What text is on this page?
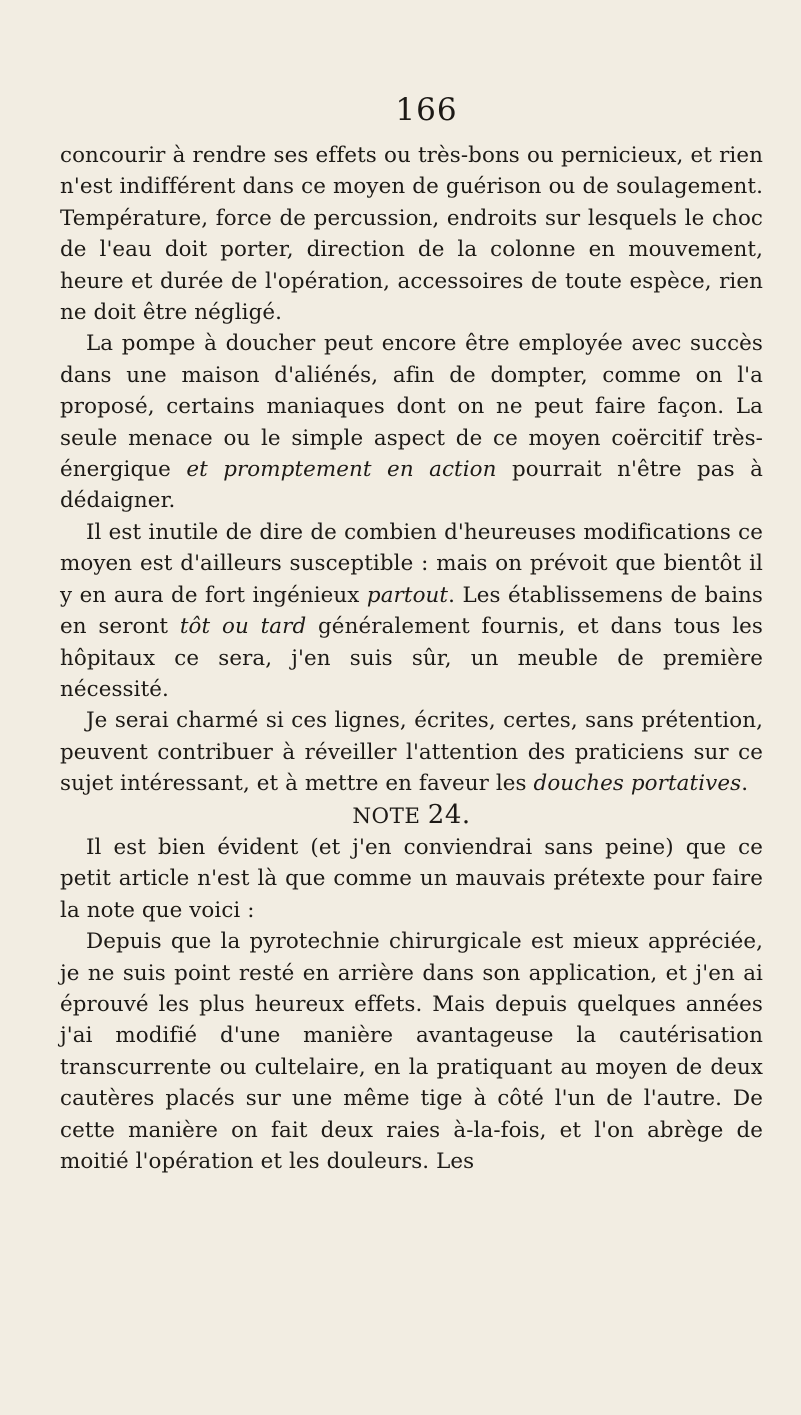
166

concourir à rendre ses effets ou très-bons ou pernicieux, et rien n'est indifférent dans ce moyen de guérison ou de soulagement. Température, force de percussion, endroits sur lesquels le choc de l'eau doit porter, direction de la colonne en mouvement, heure et durée de l'opération, accessoires de toute espèce, rien ne doit être négligé.

La pompe à doucher peut encore être employée avec succès dans une maison d'aliénés, afin de dompter, comme on l'a proposé, certains maniaques dont on ne peut faire façon. La seule menace ou le simple aspect de ce moyen coërcitif très-énergique et promptement en action pourrait n'être pas à dédaigner.

Il est inutile de dire de combien d'heureuses modifications ce moyen est d'ailleurs susceptible : mais on prévoit que bientôt il y en aura de fort ingénieux partout. Les établissemens de bains en seront tôt ou tard généralement fournis, et dans tous les hôpitaux ce sera, j'en suis sûr, un meuble de première nécessité.

Je serai charmé si ces lignes, écrites, certes, sans prétention, peuvent contribuer à réveiller l'attention des praticiens sur ce sujet intéressant, et à mettre en faveur les douches portatives.

NOTE 24.

Il est bien évident (et j'en conviendrai sans peine) que ce petit article n'est là que comme un mauvais prétexte pour faire la note que voici :

Depuis que la pyrotechnie chirurgicale est mieux appréciée, je ne suis point resté en arrière dans son application, et j'en ai éprouvé les plus heureux effets. Mais depuis quelques années j'ai modifié d'une manière avantageuse la cautérisation transcurrente ou cultelaire, en la pratiquant au moyen de deux cautères placés sur une même tige à côté l'un de l'autre. De cette manière on fait deux raies à-la-fois, et l'on abrège de moitié l'opération et les douleurs. Les
